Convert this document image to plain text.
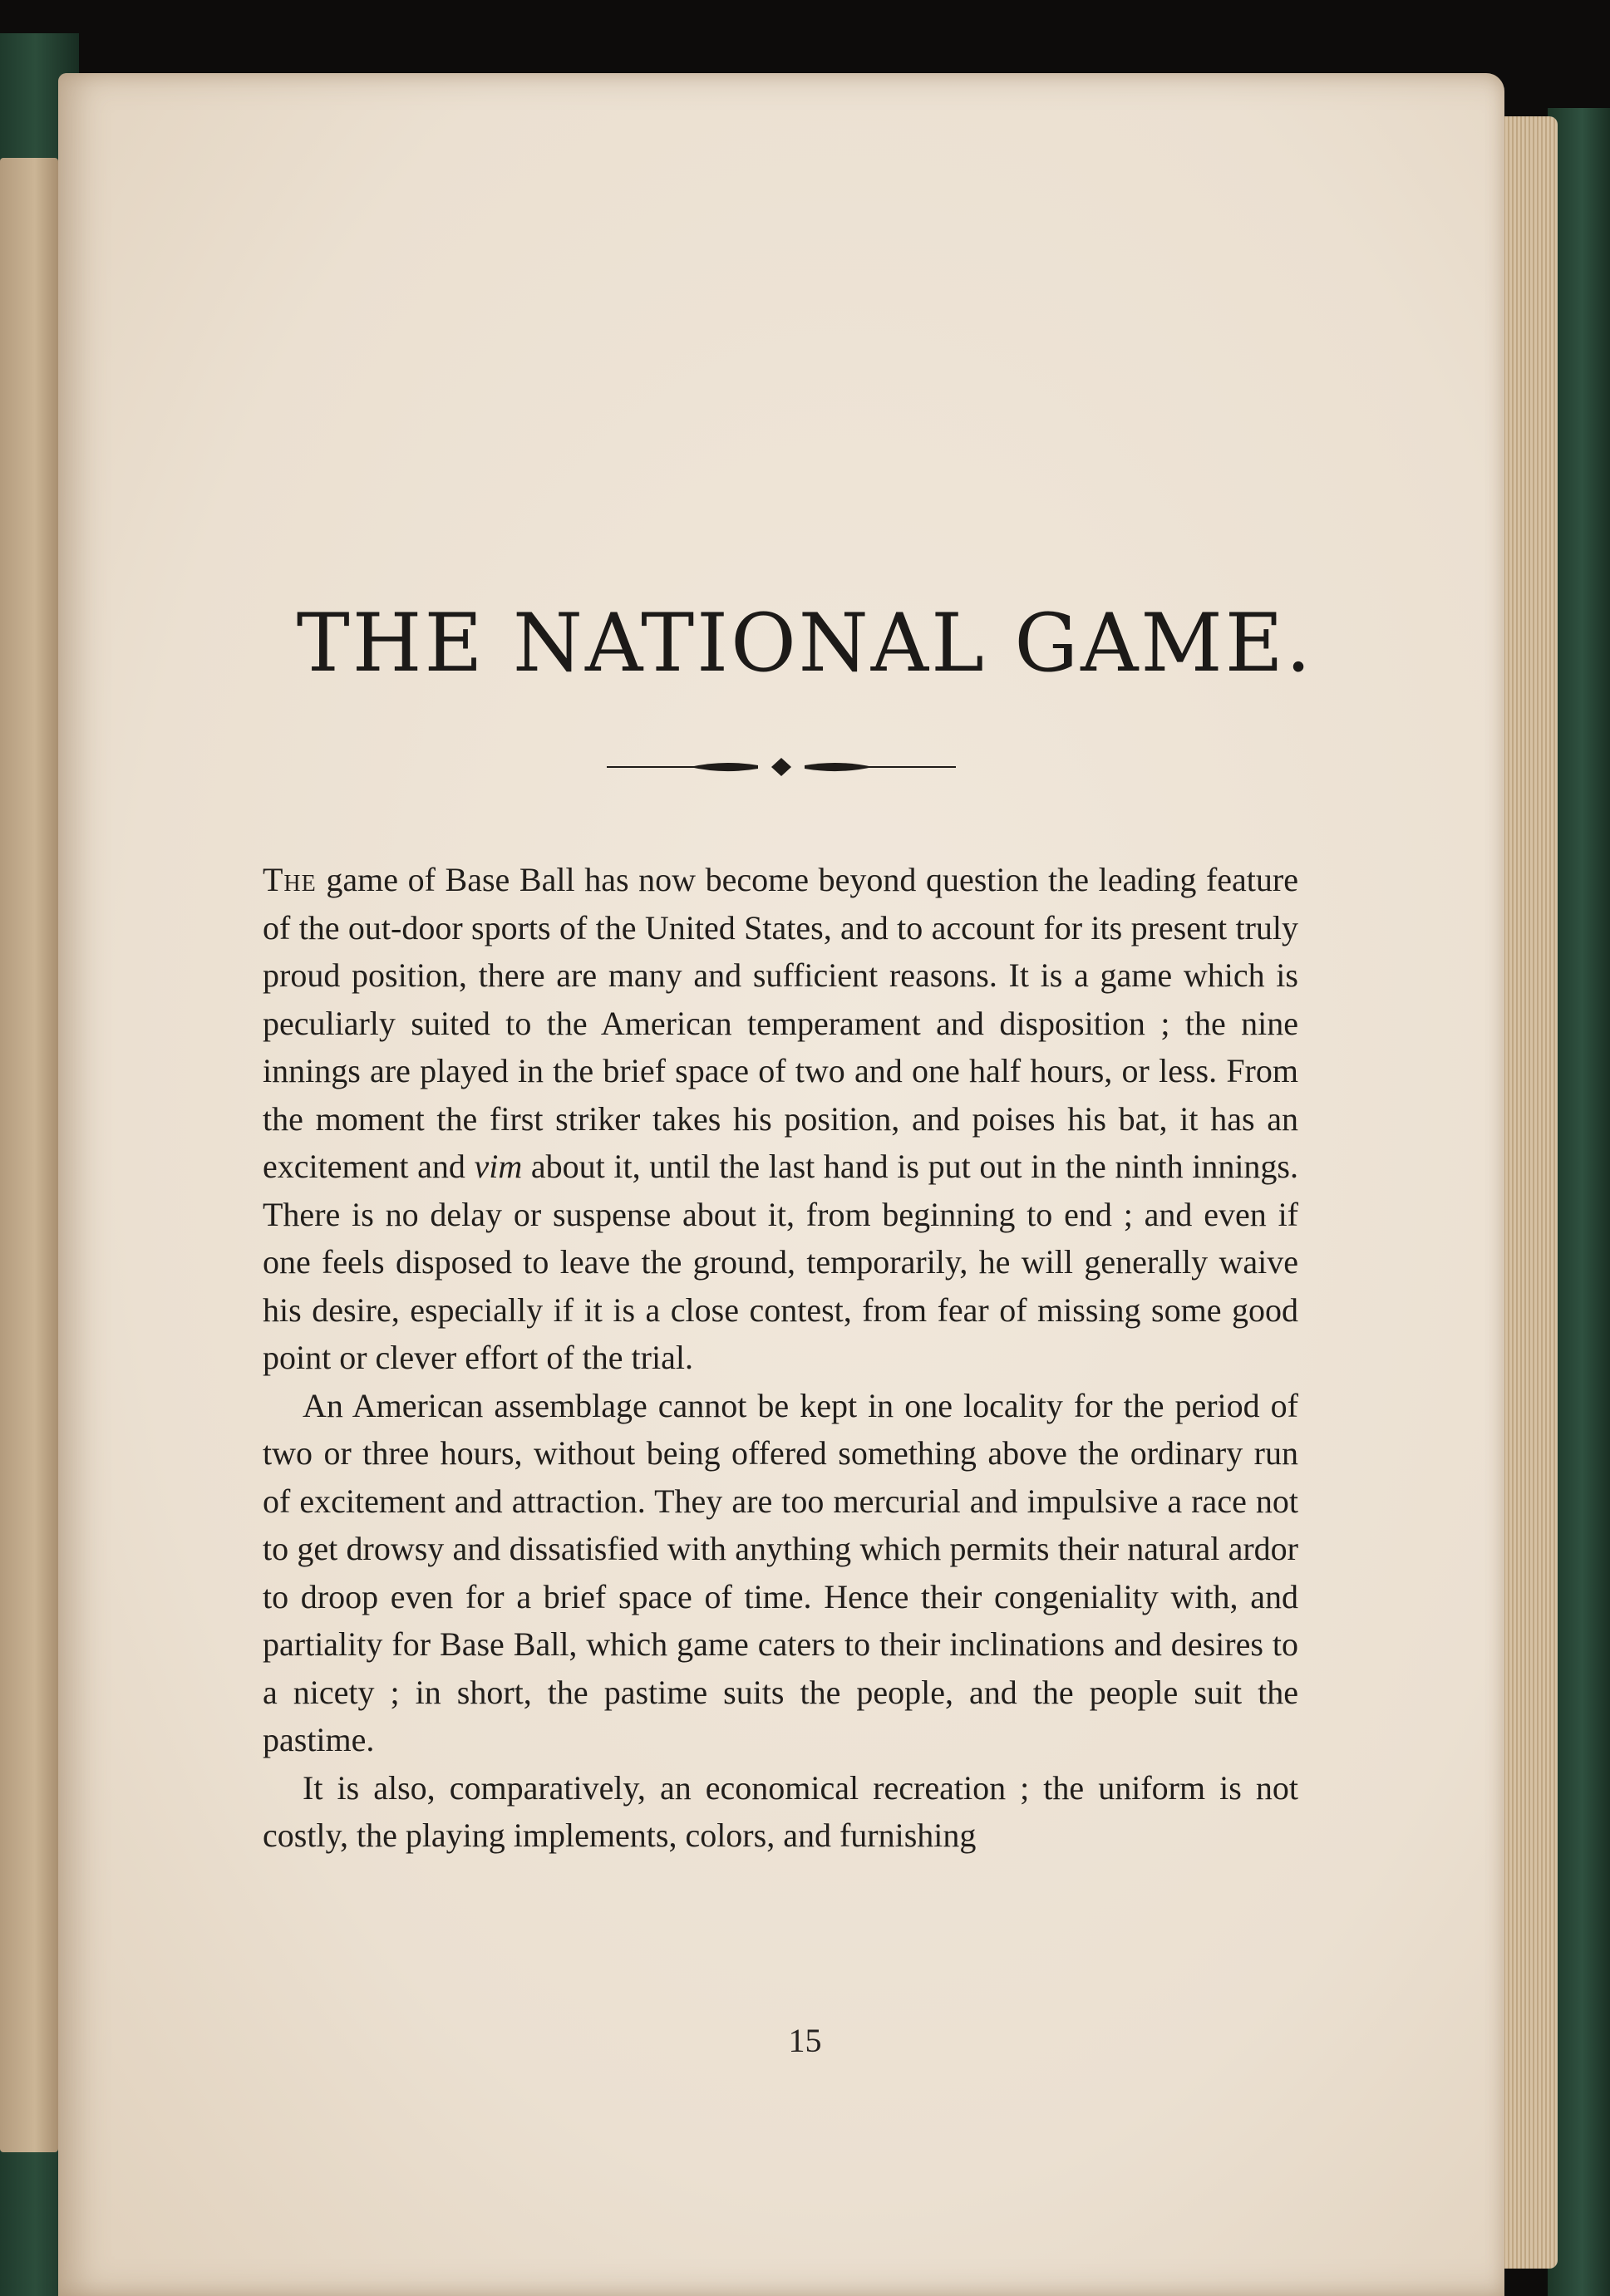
THE NATIONAL GAME.

The game of Base Ball has now become beyond question the leading feature of the out-door sports of the United States, and to account for its present truly proud position, there are many and sufficient reasons. It is a game which is peculiarly suited to the American temperament and disposition ; the nine innings are played in the brief space of two and one half hours, or less. From the moment the first striker takes his position, and poises his bat, it has an excitement and vim about it, until the last hand is put out in the ninth innings. There is no delay or suspense about it, from beginning to end ; and even if one feels disposed to leave the ground, temporarily, he will generally waive his desire, especially if it is a close contest, from fear of missing some good point or clever effort of the trial.

An American assemblage cannot be kept in one locality for the period of two or three hours, without being offered something above the ordinary run of excitement and attraction. They are too mercurial and impulsive a race not to get drowsy and dissatisfied with anything which permits their natural ardor to droop even for a brief space of time. Hence their congeniality with, and partiality for Base Ball, which game caters to their inclinations and desires to a nicety ; in short, the pastime suits the people, and the people suit the pastime.

It is also, comparatively, an economical recreation ; the uniform is not costly, the playing implements, colors, and furnishing

15
